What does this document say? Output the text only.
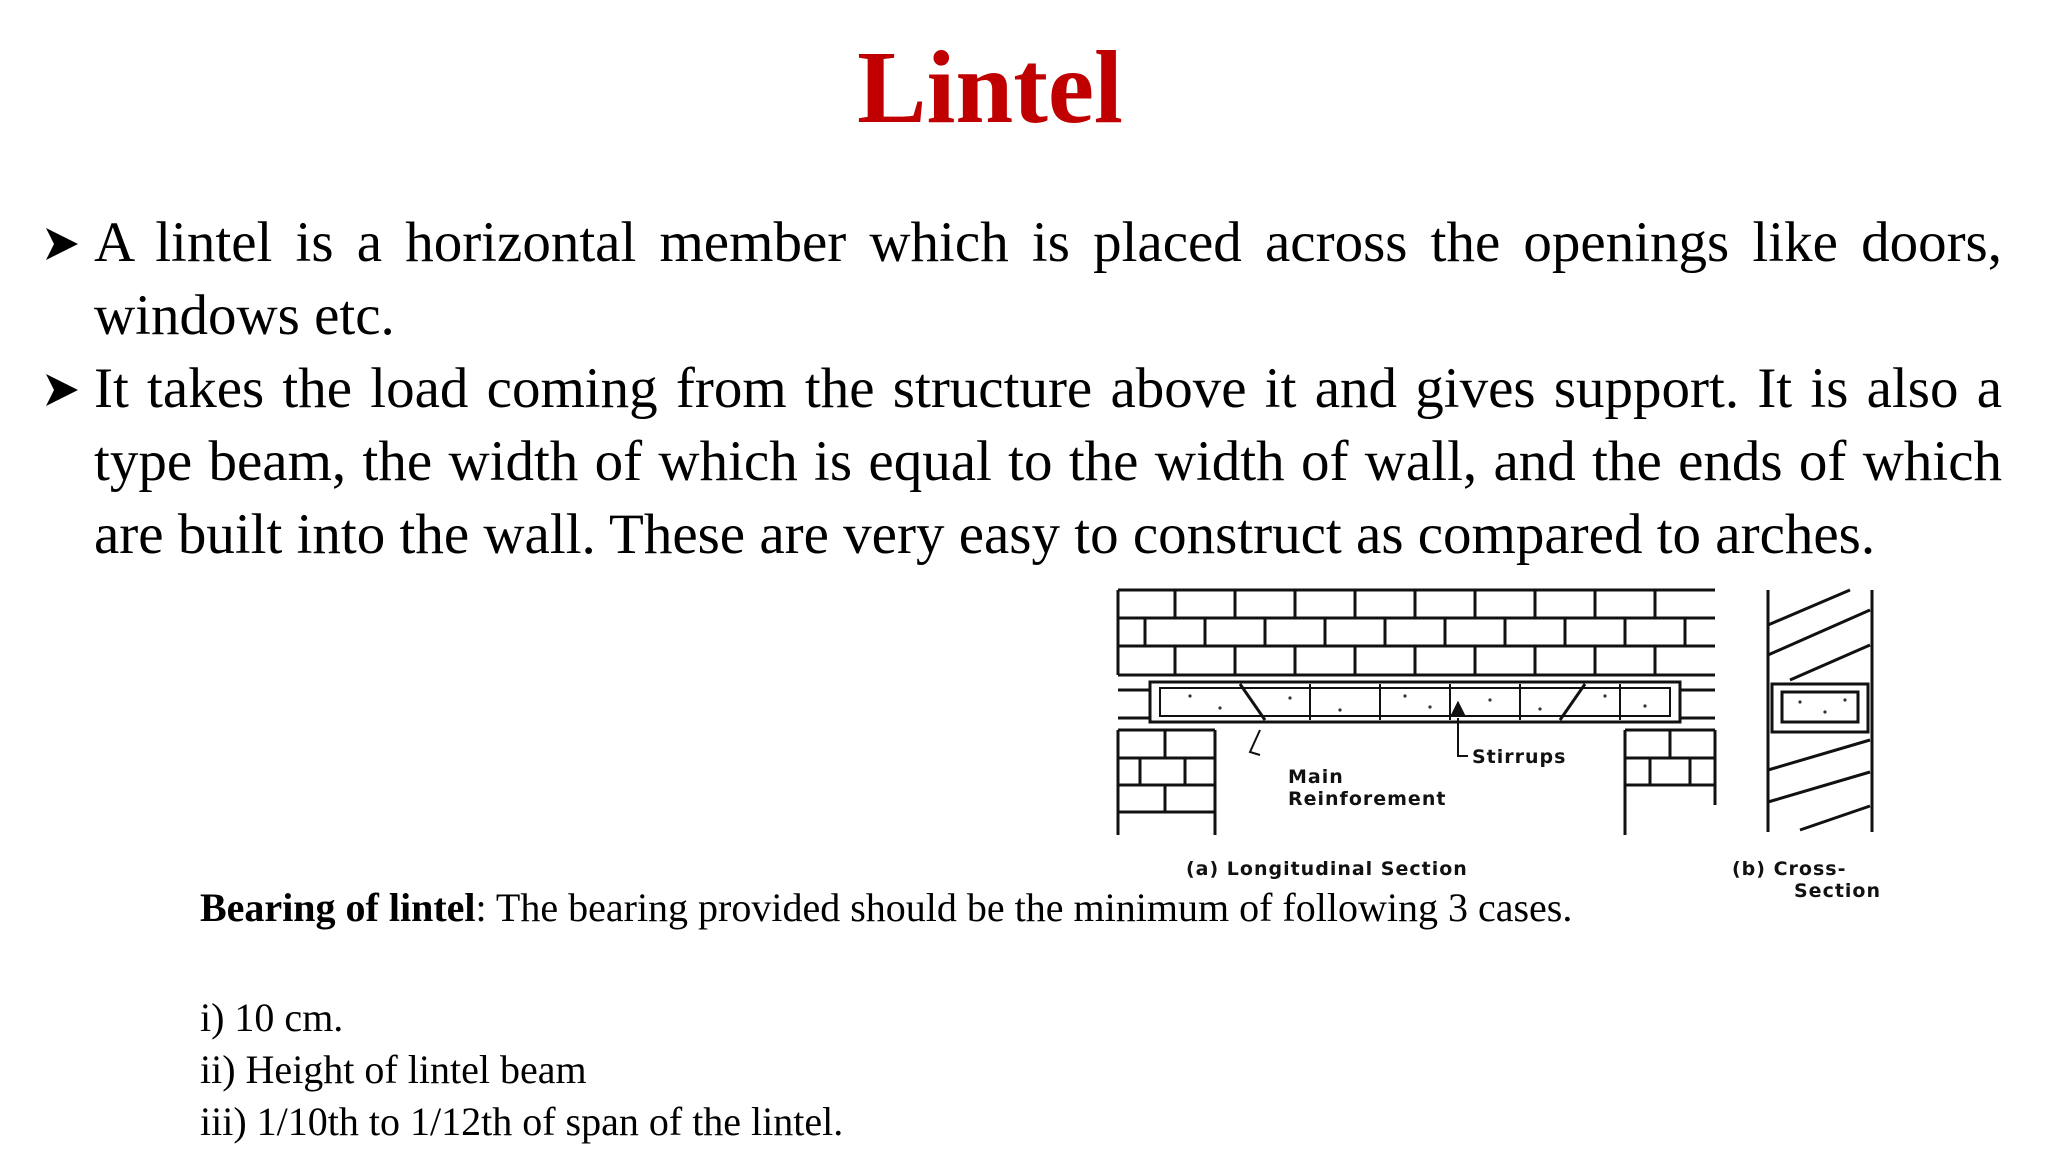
Lintel

A lintel is a horizontal member which is placed across the openings like doors, windows etc.

It takes the load coming from the structure above it and gives support. It is also a type beam, the width of which is equal to the width of wall, and the ends of which are built into the wall. These are very easy to construct as compared to arches.

Main
Reinforement
Stirrups
(a) Longitudinal Section	(b) Cross-
Section
Bearing of lintel: The bearing provided should be the minimum of following 3 cases.
i) 10 cm.
ii) Height of lintel beam
iii) 1/10th to 1/12th of span of the lintel.
